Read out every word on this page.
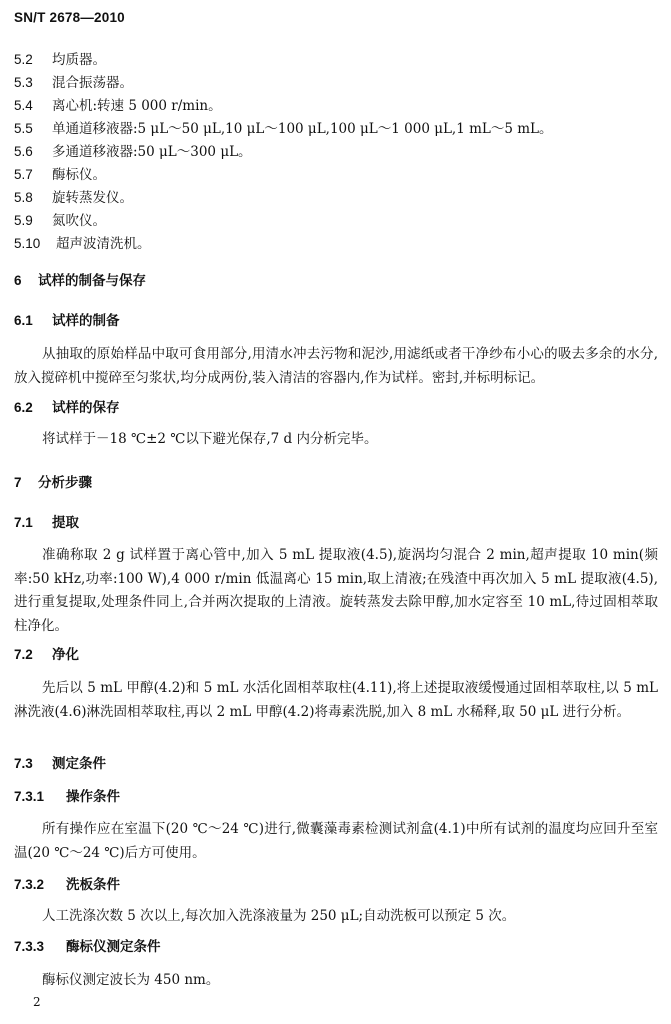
SN/T 2678—2010
5.2 均质器。
5.3 混合振荡器。
5.4 离心机:转速 5 000 r/min。
5.5 单通道移液器:5 μL～50 μL,10 μL～100 μL,100 μL～1 000 μL,1 mL～5 mL。
5.6 多通道移液器:50 μL～300 μL。
5.7 酶标仪。
5.8 旋转蒸发仪。
5.9 氮吹仪。
5.10 超声波清洗机。
6 试样的制备与保存
6.1 试样的制备
从抽取的原始样品中取可食用部分,用清水冲去污物和泥沙,用滤纸或者干净纱布小心的吸去多余的水分,放入搅碎机中搅碎至匀浆状,均分成两份,装入清洁的容器内,作为试样。密封,并标明标记。
6.2 试样的保存
将试样于－18 ℃±2 ℃以下避光保存,7 d 内分析完毕。
7 分析步骤
7.1 提取
准确称取 2 g 试样置于离心管中,加入 5 mL 提取液(4.5),旋涡均匀混合 2 min,超声提取 10 min(频率:50 kHz,功率:100 W),4 000 r/min 低温离心 15 min,取上清液;在残渣中再次加入 5 mL 提取液(4.5),进行重复提取,处理条件同上,合并两次提取的上清液。旋转蒸发去除甲醇,加水定容至 10 mL,待过固相萃取柱净化。
7.2 净化
先后以 5 mL 甲醇(4.2)和 5 mL 水活化固相萃取柱(4.11),将上述提取液缓慢通过固相萃取柱,以 5 mL 淋洗液(4.6)淋洗固相萃取柱,再以 2 mL 甲醇(4.2)将毒素洗脱,加入 8 mL 水稀释,取 50 μL 进行分析。
7.3 测定条件
7.3.1 操作条件
所有操作应在室温下(20 ℃～24 ℃)进行,微囊藻毒素检测试剂盒(4.1)中所有试剂的温度均应回升至室温(20 ℃～24 ℃)后方可使用。
7.3.2 洗板条件
人工洗涤次数 5 次以上,每次加入洗涤液量为 250 μL;自动洗板可以预定 5 次。
7.3.3 酶标仪测定条件
酶标仪测定波长为 450 nm。
2
